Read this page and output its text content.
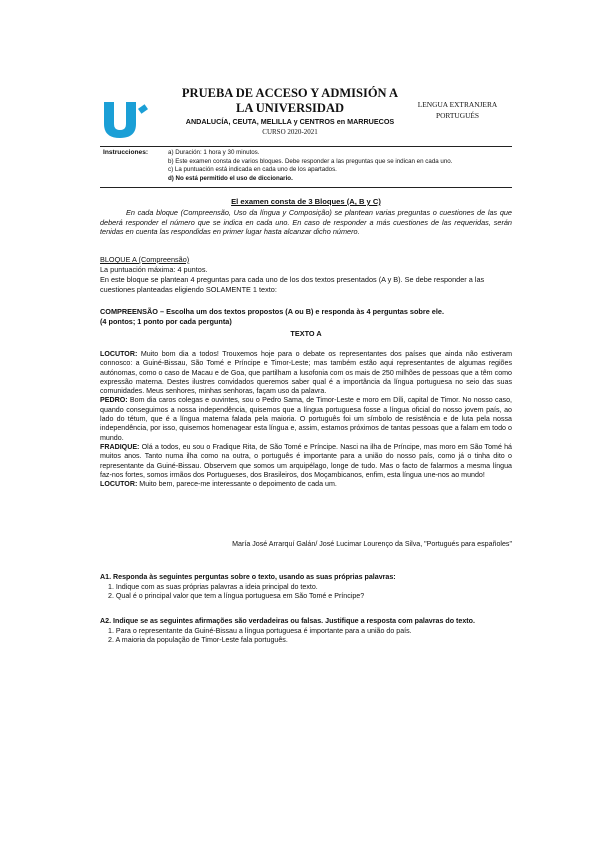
PRUEBA DE ACCESO Y ADMISIÓN A LA UNIVERSIDAD
ANDALUCÍA, CEUTA, MELILLA y CENTROS en MARRUECOS
CURSO 2020-2021
LENGUA EXTRANJERA
PORTUGUÉS
Instrucciones:	a) Duración: 1 hora y 30 minutos.
b) Este examen consta de varios bloques. Debe responder a las preguntas que se indican en cada uno.
c) La puntuación está indicada en cada uno de los apartados.
d) No está permitido el uso de diccionario.
El examen consta de 3 Bloques (A, B y C)
En cada bloque (Compreensão, Uso da língua y Composição) se plantean varias preguntas o cuestiones de las que deberá responder el número que se indica en cada uno. En caso de responder a más cuestiones de las requeridas, serán tenidas en cuenta las respondidas en primer lugar hasta alcanzar dicho número.
BLOQUE A (Compreensão)
La puntuación máxima: 4 puntos.
En este bloque se plantean 4 preguntas para cada uno de los dos textos presentados (A y B). Se debe responder a las cuestiones planteadas eligiendo SOLAMENTE 1 texto:
COMPREENSÃO – Escolha um dos textos propostos (A ou B) e responda às 4 perguntas sobre ele.
(4 pontos; 1 ponto por cada pergunta)
TEXTO A

LOCUTOR: Muito bom dia a todos! Trouxemos hoje para o debate os representantes dos países que ainda não estiveram connosco: a Guiné-Bissau, São Tomé e Príncipe e Timor-Leste; mas também estão aqui representantes de algumas regiões autónomas, como o caso de Macau e de Goa, que partilham a lusofonia com os mais de 250 milhões de pessoas que a têm como expressão materna. Destes ilustres convidados queremos saber qual é a importância da língua portuguesa no seio das suas comunidades. Meus senhores, minhas senhoras, façam uso da palavra.

PEDRO: Bom dia caros colegas e ouvintes, sou o Pedro Sama, de Timor-Leste e moro em Díli, capital de Timor. No nosso caso, quando conseguimos a nossa independência, quisemos que a língua portuguesa fosse a língua oficial do nosso jovem país, ao lado do tétum, que é a língua materna falada pela maioria. O português foi um símbolo de resistência e de luta pela nossa independência, por isso, quisemos homenagear esta língua e, assim, estamos próximos de tantas pessoas que a falam em todo o mundo.

FRADIQUE: Olá a todos, eu sou o Fradique Rita, de São Tomé e Príncipe. Nasci na ilha de Príncipe, mas moro em São Tomé há muitos anos. Tanto numa ilha como na outra, o português é importante para a união do nosso país, como já o tinha dito o representante da Guiné-Bissau. Observem que somos um arquipélago, longe de tudo. Mas o facto de falarmos a mesma língua faz-nos fortes, somos irmãos dos Portugueses, dos Brasileiros, dos Moçambicanos, enfim, esta língua une-nos ao mundo!

LOCUTOR: Muito bem, parece-me interessante o depoimento de cada um.

María José Arrarquí Galán/ José Lucimar Lourenço da Silva, "Portugués para españoles"
A1. Responda às seguintes perguntas sobre o texto, usando as suas próprias palavras:
1. Indique com as suas próprias palavras a ideia principal do texto.
2. Qual é o principal valor que tem a língua portuguesa em São Tomé e Príncipe?
A2. Indique se as seguintes afirmações são verdadeiras ou falsas. Justifique a resposta com palavras do texto.
1. Para o representante da Guiné-Bissau a língua portuguesa é importante para a união do país.
2. A maioria da população de Timor-Leste fala português.
